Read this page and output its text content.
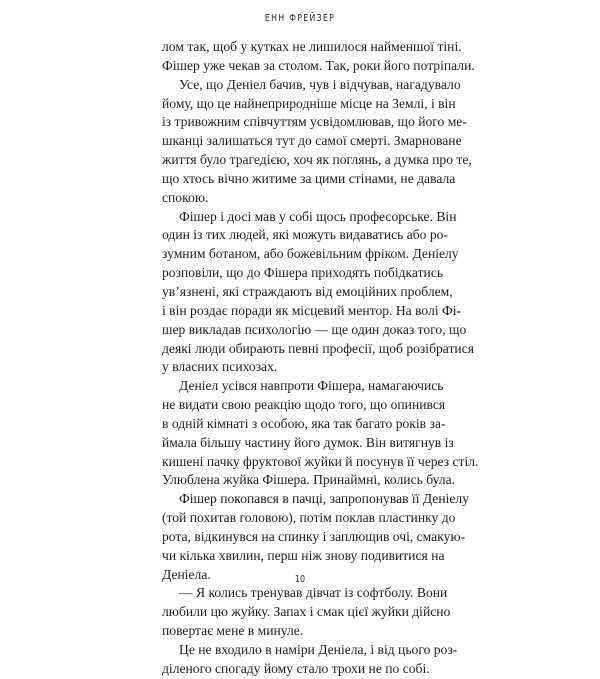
ЕНН ФРЕЙЗЕР
лом так, щоб у кутках не лишилося найменшої тіні.
Фішер уже чекав за столом. Так, роки його потріпали.
Усе, що Деніел бачив, чув і відчував, нагадувало
йому, що це найнеприродніше місце на Землі, і він
із тривожним співчуттям усвідомлював, що його ме-
шканці залишаться тут до самої смерті. Змарноване
життя було трагедією, хоч як поглянь, а думка про те,
що хтось вічно житиме за цими стінами, не давала
спокою.
Фішер і досі мав у собі щось професорське. Він
один із тих людей, які можуть видаватись або ро-
зумним ботаном, або божевільним фріком. Деніелу
розповіли, що до Фішера приходять побідкатись
ув’язнені, які страждають від емоційних проблем,
і він роздає поради як місцевий ментор. На волі Фі-
шер викладав психологію — ще один доказ того, що
деякі люди обирають певні професії, щоб розібратися
у власних психозах.
Деніел усівся навпроти Фішера, намагаючись
не видати свою реакцію щодо того, що опинився
в одній кімнаті з особою, яка так багато років за-
ймала більшу частину його думок. Він витягнув із
кишені пачку фруктової жуйки й посунув її через стіл.
Улюблена жуйка Фішера. Принаймні, колись була.
Фішер покопався в пачці, запропонував її Деніелу
(той похитав головою), потім поклав пластинку до
рота, відкинувся на спинку і заплющив очі, смакую-
чи кілька хвилин, перш ніж знову подивитися на
Деніела.
— Я колись тренував дівчат із софтболу. Вони
любили цю жуйку. Запах і смак цієї жуйки дійсно
повертає мене в минуле.
Це не входило в наміри Деніела, і від цього роз-
діленого спогаду йому стало трохи не по собі.
10
